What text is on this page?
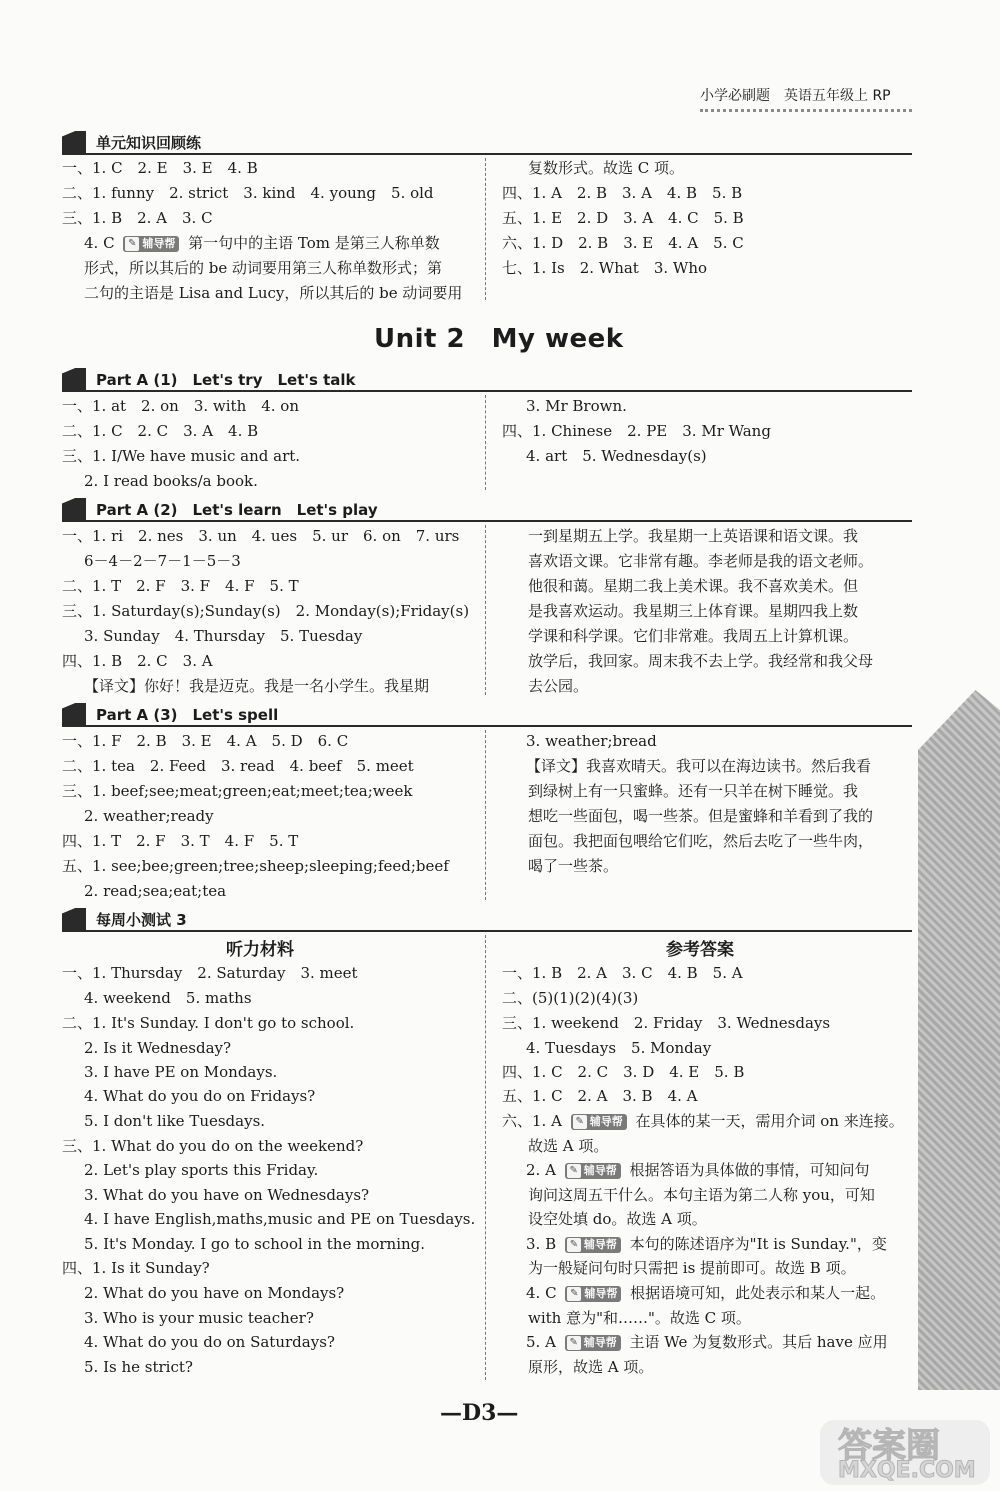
小学必刷题　英语五年级上 RP
单元知识回顾练
一、1. C　2. E　3. E　4. B
二、1. funny　2. strict　3. kind　4. young　5. old
三、1. B　2. A　3. C
4. C ✎ 辅导帮 第一句中的主语 Tom 是第三人称单数
形式，所以其后的 be 动词要用第三人称单数形式；第
二句的主语是 Lisa and Lucy，所以其后的 be 动词要用
复数形式。故选 C 项。
四、1. A　2. B　3. A　4. B　5. B
五、1. E　2. D　3. A　4. C　5. B
六、1. D　2. B　3. E　4. A　5. C
七、1. Is　2. What　3. Who
Unit 2　My week
Part A (1)　Let's try　Let's talk
一、1. at　2. on　3. with　4. on
二、1. C　2. C　3. A　4. B
三、1. I/We have music and art.
2. I read books/a book.
3. Mr Brown.
四、1. Chinese　2. PE　3. Mr Wang
4. art　5. Wednesday(s)
Part A (2)　Let's learn　Let's play
一、1. ri　2. nes　3. un　4. ues　5. ur　6. on　7. urs
6－4－2－7－1－5－3
二、1. T　2. F　3. F　4. F　5. T
三、1. Saturday(s);Sunday(s)　2. Monday(s);Friday(s)
3. Sunday　4. Thursday　5. Tuesday
四、1. B　2. C　3. A
【译文】你好！我是迈克。我是一名小学生。我星期
一到星期五上学。我星期一上英语课和语文课。我
喜欢语文课。它非常有趣。李老师是我的语文老师。
他很和蔼。星期二我上美术课。我不喜欢美术。但
是我喜欢运动。我星期三上体育课。星期四我上数
学课和科学课。它们非常难。我周五上计算机课。
放学后，我回家。周末我不去上学。我经常和我父母
去公园。
Part A (3)　Let's spell
一、1. F　2. B　3. E　4. A　5. D　6. C
二、1. tea　2. Feed　3. read　4. beef　5. meet
三、1. beef;see;meat;green;eat;meet;tea;week
2. weather;ready
四、1. T　2. F　3. T　4. F　5. T
五、1. see;bee;green;tree;sheep;sleeping;feed;beef
2. read;sea;eat;tea
3. weather;bread
【译文】我喜欢晴天。我可以在海边读书。然后我看
到绿树上有一只蜜蜂。还有一只羊在树下睡觉。我
想吃一些面包，喝一些茶。但是蜜蜂和羊看到了我的
面包。我把面包喂给它们吃，然后去吃了一些牛肉，
喝了一些茶。
每周小测试 3
听力材料	参考答案
一、1. Thursday　2. Saturday　3. meet
4. weekend　5. maths
二、1. It's Sunday. I don't go to school.
2. Is it Wednesday?
3. I have PE on Mondays.
4. What do you do on Fridays?
5. I don't like Tuesdays.
三、1. What do you do on the weekend?
2. Let's play sports this Friday.
3. What do you have on Wednesdays?
4. I have English,maths,music and PE on Tuesdays.
5. It's Monday. I go to school in the morning.
四、1. Is it Sunday?
2. What do you have on Mondays?
3. Who is your music teacher?
4. What do you do on Saturdays?
5. Is he strict?
一、1. B　2. A　3. C　4. B　5. A
二、(5)(1)(2)(4)(3)
三、1. weekend　2. Friday　3. Wednesdays
4. Tuesdays　5. Monday
四、1. C　2. C　3. D　4. E　5. B
五、1. C　2. A　3. B　4. A
六、1. A ✎ 辅导帮 在具体的某一天，需用介词 on 来连接。
故选 A 项。
2. A ✎ 辅导帮 根据答语为具体做的事情，可知问句
询问这周五干什么。本句主语为第二人称 you，可知
设空处填 do。故选 A 项。
3. B ✎ 辅导帮 本句的陈述语序为"It is Sunday."，变
为一般疑问句时只需把 is 提前即可。故选 B 项。
4. C ✎ 辅导帮 根据语境可知，此处表示和某人一起。
with 意为"和……"。故选 C 项。
5. A ✎ 辅导帮 主语 We 为复数形式。其后 have 应用
原形，故选 A 项。
—D3—
答案圈
MXQE.COM
